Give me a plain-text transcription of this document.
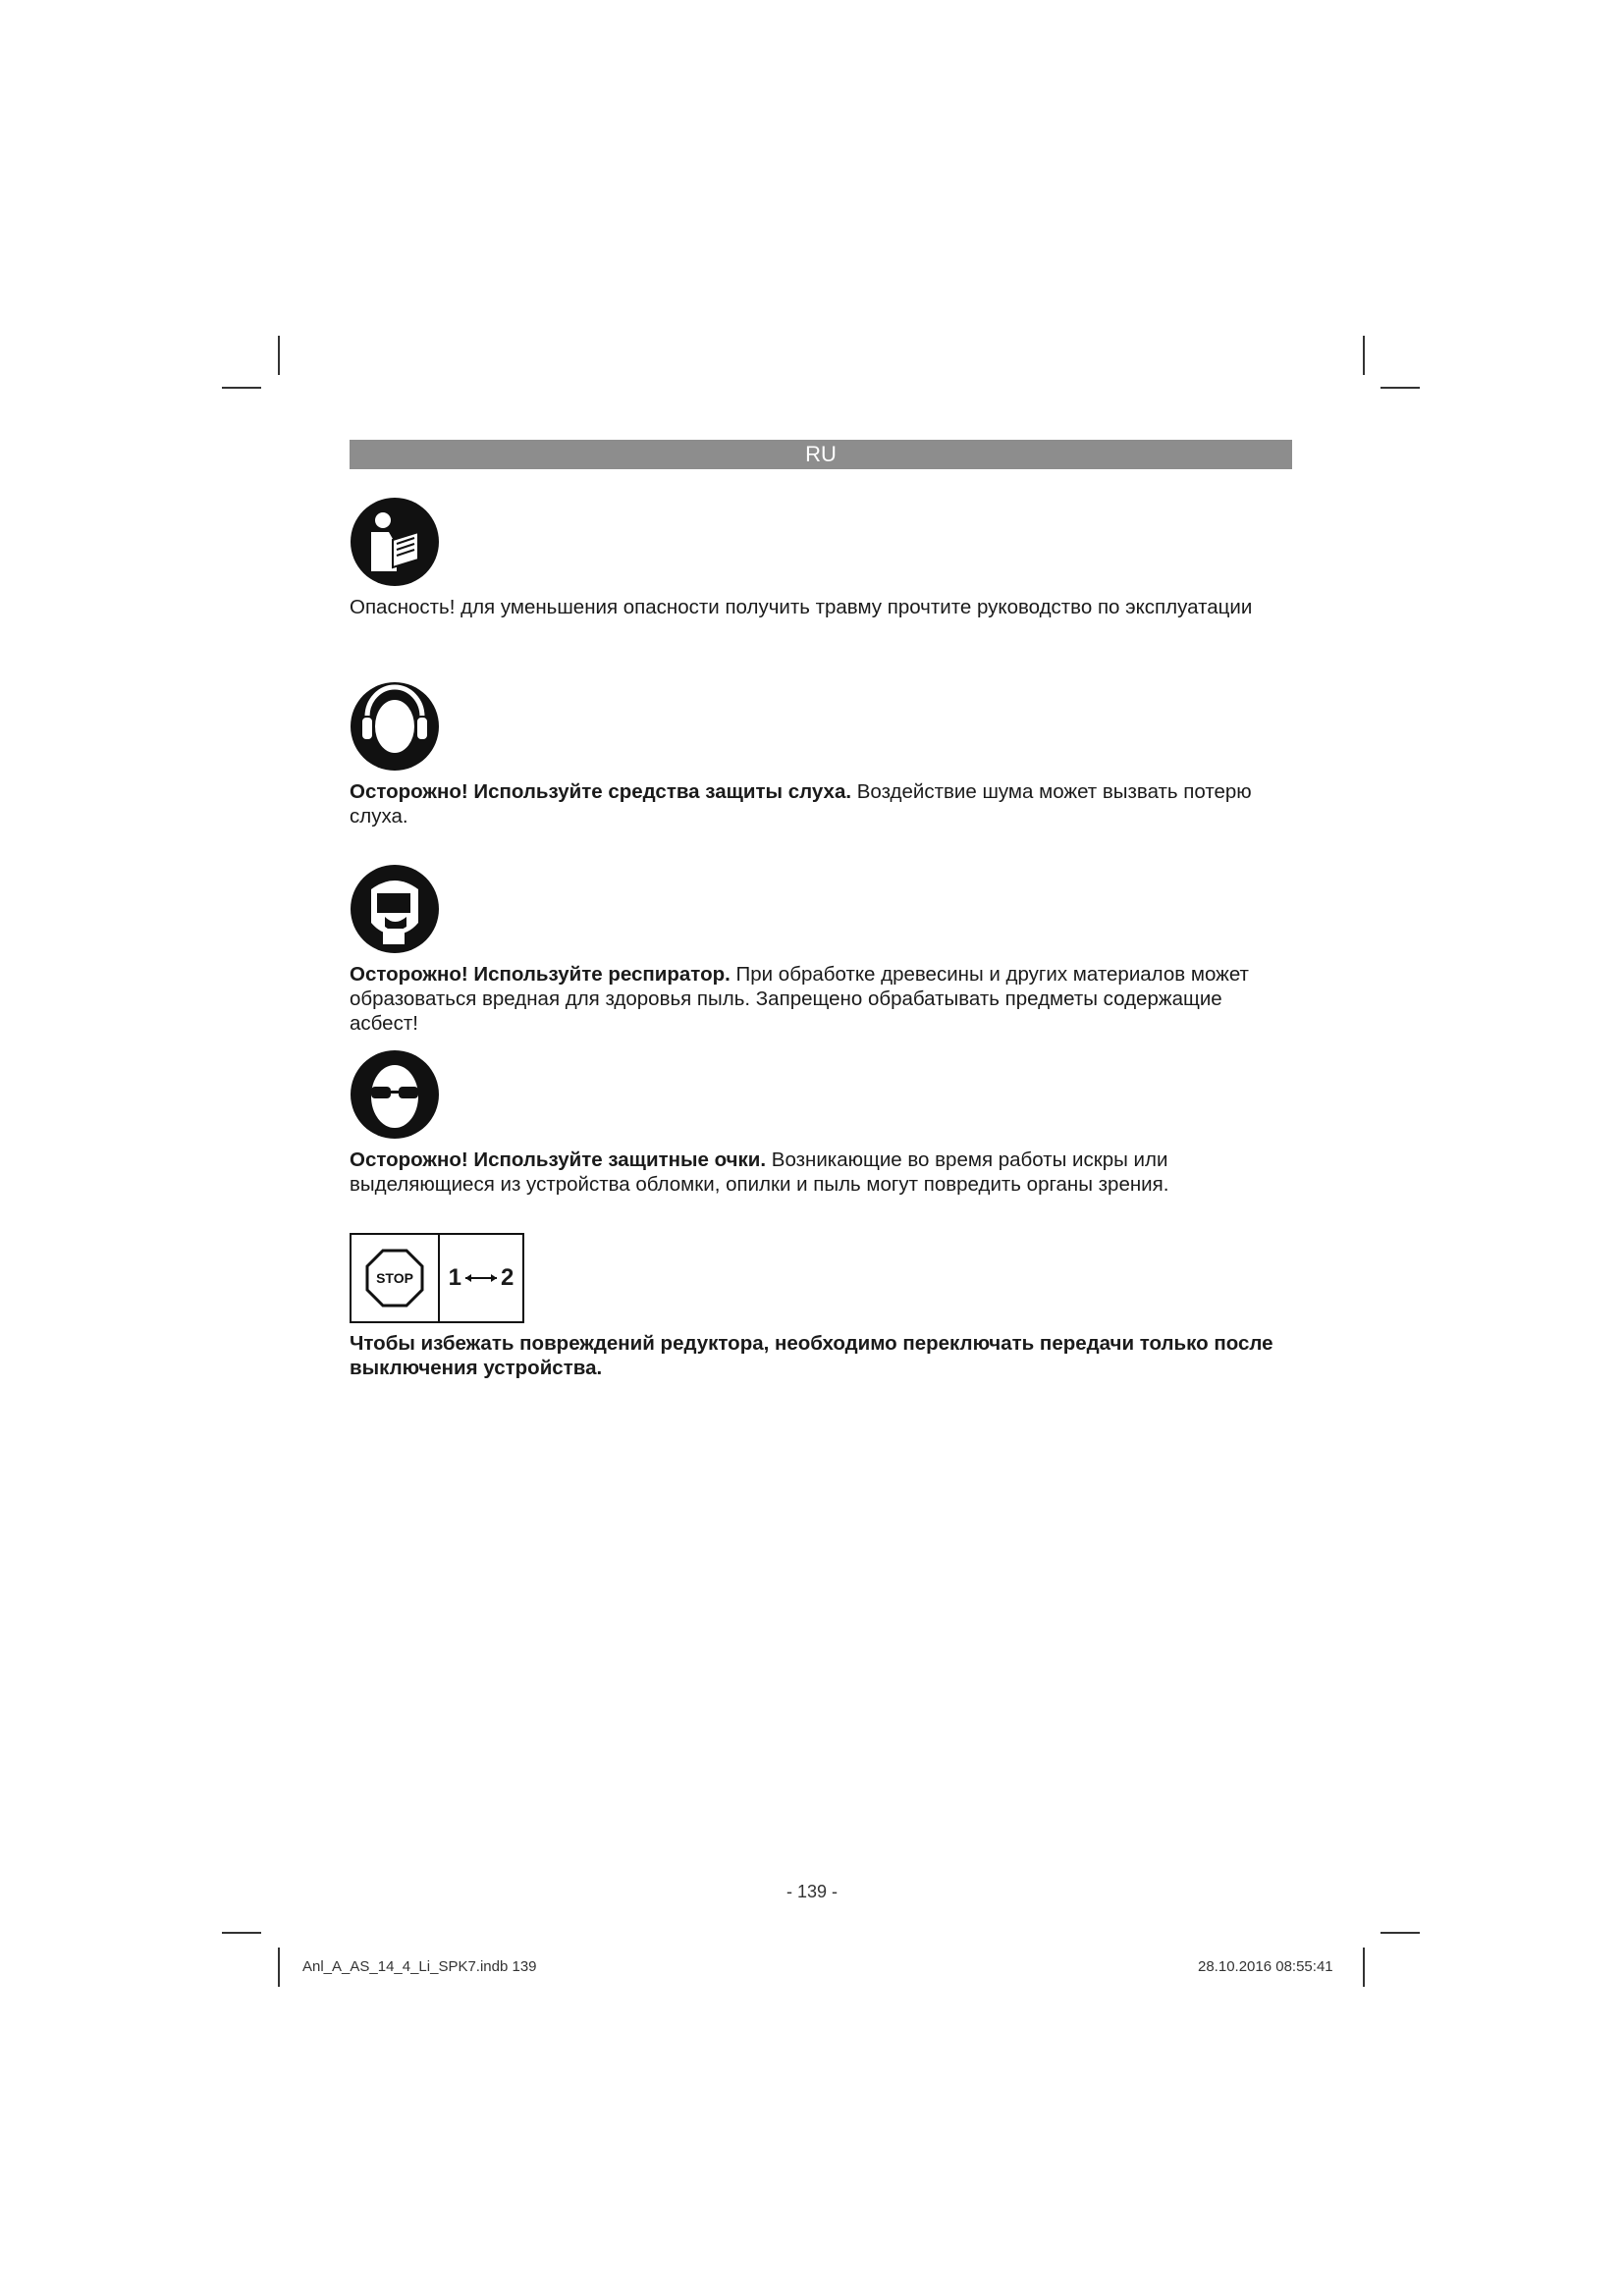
RU
Опасность! для уменьшения опасности получить травму прочтите руководство по эксплуатации
Осторожно! Используйте средства защиты слуха. Воздействие шума может вызвать потерю слуха.
Осторожно! Используйте респиратор. При обработке древесины и других материалов может образоваться вредная для здоровья пыль. Запрещено обрабатывать предметы содержащие асбест!
Осторожно! Используйте защитные очки. Возникающие во время работы искры или выделяющиеся из устройства обломки, опилки и пыль могут повредить органы зрения.
STOP 1 2
Чтобы избежать повреждений редуктора, необходимо переключать передачи только после выключения устройства.
- 139 -
Anl_A_AS_14_4_Li_SPK7.indb 139	28.10.2016 08:55:41
